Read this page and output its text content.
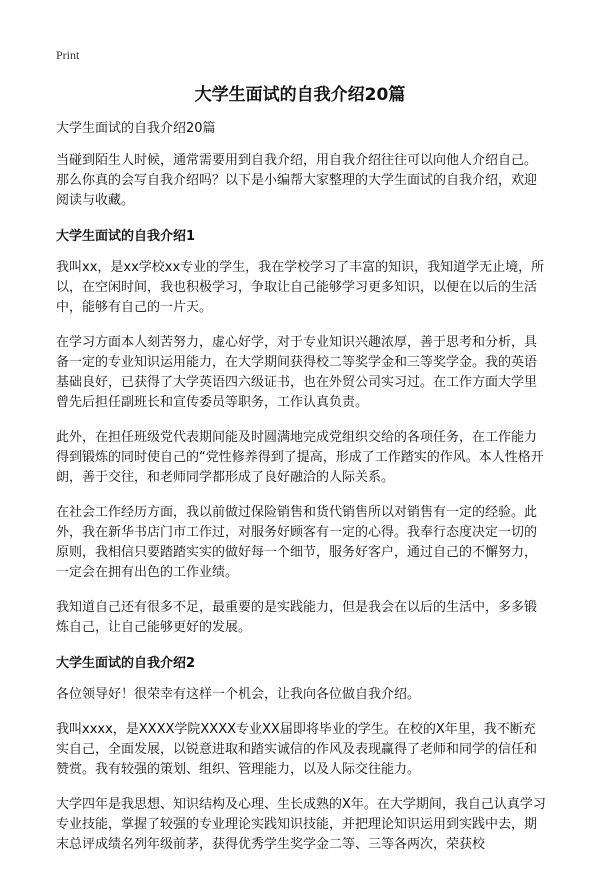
Print
大学生面试的自我介绍20篇
大学生面试的自我介绍20篇

当碰到陌生人时候，通常需要用到自我介绍，用自我介绍往往可以向他人介绍自己。那么你真的会写自我介绍吗？以下是小编帮大家整理的大学生面试的自我介绍，欢迎阅读与收藏。

大学生面试的自我介绍1

我叫xx，是xx学校xx专业的学生，我在学校学习了丰富的知识，我知道学无止境，所以，在空闲时间，我也积极学习，争取让自己能够学习更多知识，以便在以后的生活中，能够有自己的一片天。

在学习方面本人刻苦努力，虚心好学，对于专业知识兴趣浓厚，善于思考和分析，具备一定的专业知识运用能力，在大学期间获得校二等奖学金和三等奖学金。我的英语基础良好，已获得了大学英语四六级证书，也在外贸公司实习过。在工作方面大学里曾先后担任副班长和宣传委员等职务，工作认真负责。

此外，在担任班级党代表期间能及时圆满地完成党组织交给的各项任务，在工作能力得到锻炼的同时使自己的“党性修养得到了提高，形成了工作踏实的作风。本人性格开朗，善于交往，和老师同学都形成了良好融洽的人际关系。

在社会工作经历方面，我以前做过保险销售和货代销售所以对销售有一定的经验。此外，我在新华书店门市工作过，对服务好顾客有一定的心得。我奉行态度决定一切的原则，我相信只要踏踏实实的做好每一个细节，服务好客户，通过自己的不懈努力，一定会在拥有出色的工作业绩。

我知道自己还有很多不足，最重要的是实践能力，但是我会在以后的生活中，多多锻炼自己，让自己能够更好的发展。

大学生面试的自我介绍2

各位领导好！很荣幸有这样一个机会，让我向各位做自我介绍。

我叫xxxx，是XXXX学院XXXX专业XX届即将毕业的学生。在校的X年里，我不断充实自己，全面发展，以锐意进取和踏实诚信的作风及表现赢得了老师和同学的信任和赞赏。我有较强的策划、组织、管理能力，以及人际交往能力。

大学四年是我思想、知识结构及心理、生长成熟的X年。在大学期间，我自己认真学习专业技能，掌握了较强的专业理论实践知识技能，并把理论知识运用到实践中去，期末总评成绩名列年级前茅，获得优秀学生奖学金二等、三等各两次，荣获校
